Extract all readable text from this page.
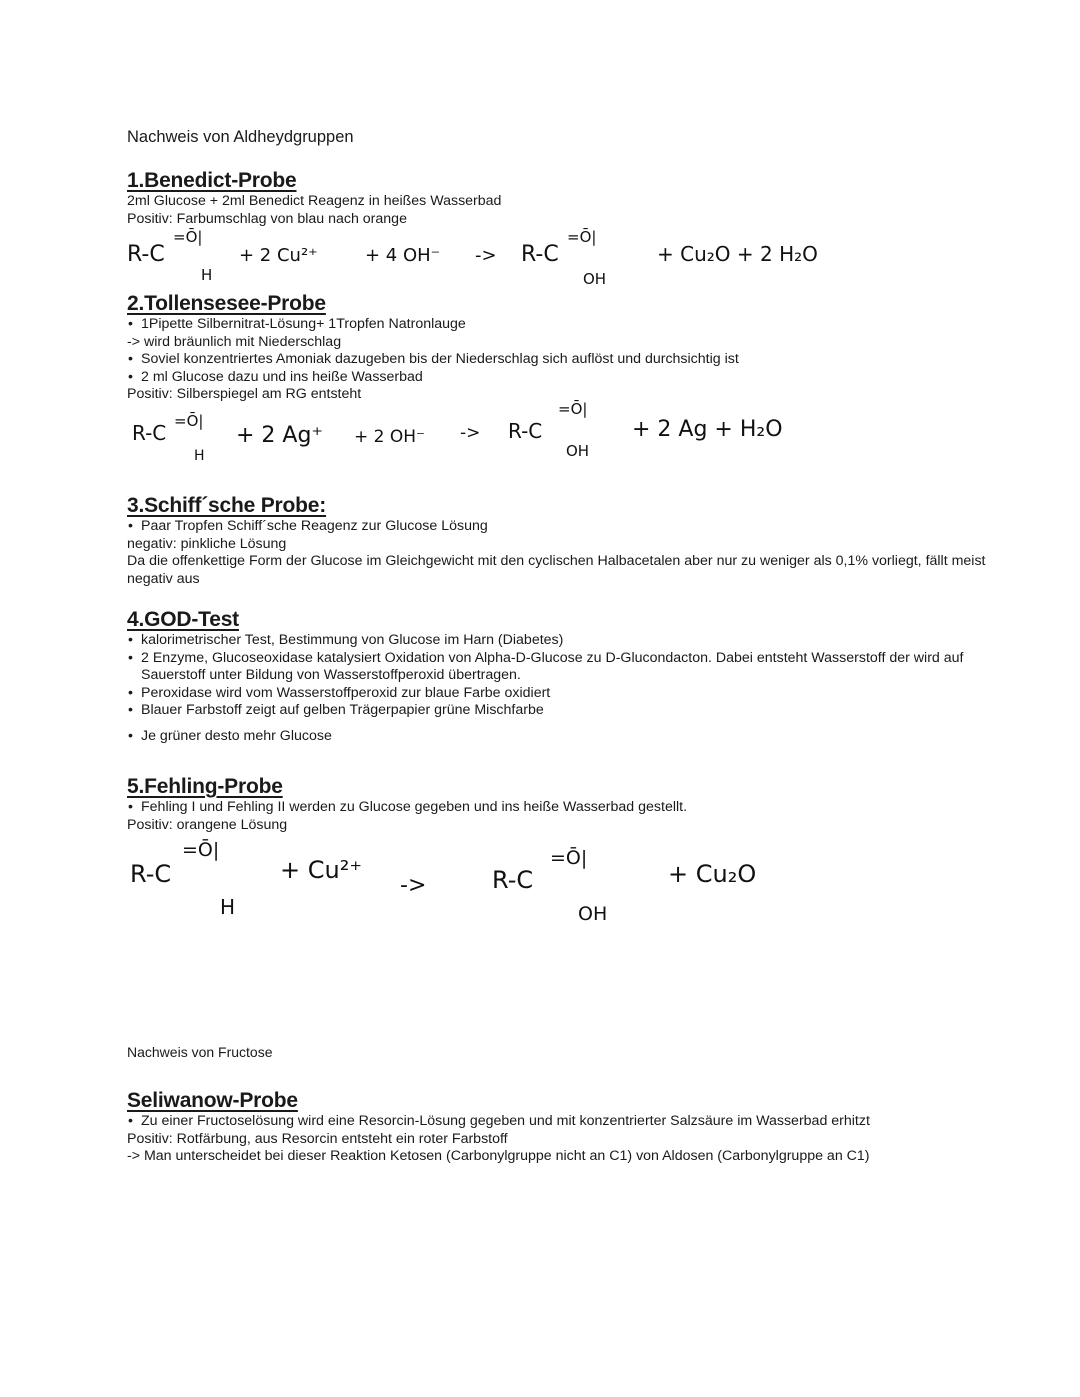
Nachweis von Aldheydgruppen
1.Benedict-Probe
2ml Glucose + 2ml Benedict Reagenz in heißes Wasserbad
Positiv: Farbumschlag von blau nach orange
R-C
=Ō|
H
+ 2 Cu²⁺	+ 4 OH⁻ -> R-C
=Ō|
OH
+ Cu₂O + 2 H₂O
2.Tollensesee-Probe
• 1Pipette Silbernitrat-Lösung+ 1Tropfen Natronlauge
-> wird bräunlich mit Niederschlag
• Soviel konzentriertes Amoniak dazugeben bis der Niederschlag sich auflöst und durchsichtig ist
• 2 ml Glucose dazu und ins heiße Wasserbad
Positiv: Silberspiegel am RG entsteht
R-C =Ō|
H
+ 2 Ag⁺ + 2 OH⁻ -> R-C
=Ō|
OH
+ 2 Ag + H₂O
3.Schiff´sche Probe:
• Paar Tropfen Schiff´sche Reagenz zur Glucose Lösung
negativ: pinkliche Lösung
Da die offenkettige Form der Glucose im Gleichgewicht mit den cyclischen Halbacetalen aber nur zu weniger als 0,1% vorliegt, fällt meist negativ aus
4.GOD-Test
• kalorimetrischer Test, Bestimmung von Glucose im Harn (Diabetes)
• 2 Enzyme, Glucoseoxidase katalysiert Oxidation von Alpha-D-Glucose zu D-Glucondacton. Dabei entsteht Wasserstoff der wird auf Sauerstoff unter Bildung von Wasserstoffperoxid übertragen.
• Peroxidase wird vom Wasserstoffperoxid zur blaue Farbe oxidiert
• Blauer Farbstoff zeigt auf gelben Trägerpapier grüne Mischfarbe
• Je grüner desto mehr Glucose
5.Fehling-Probe
• Fehling I und Fehling II werden zu Glucose gegeben und ins heiße Wasserbad gestellt.
Positiv: orangene Lösung
R-C
=Ō|
H
+ Cu²⁺
->	R-C
=Ō|
OH
+ Cu₂O
Nachweis von Fructose
Seliwanow-Probe
• Zu einer Fructoselösung wird eine Resorcin-Lösung gegeben und mit konzentrierter Salzsäure im Wasserbad erhitzt
Positiv: Rotfärbung, aus Resorcin entsteht ein roter Farbstoff
-> Man unterscheidet bei dieser Reaktion Ketosen (Carbonylgruppe nicht an C1) von Aldosen (Carbonylgruppe an C1)
